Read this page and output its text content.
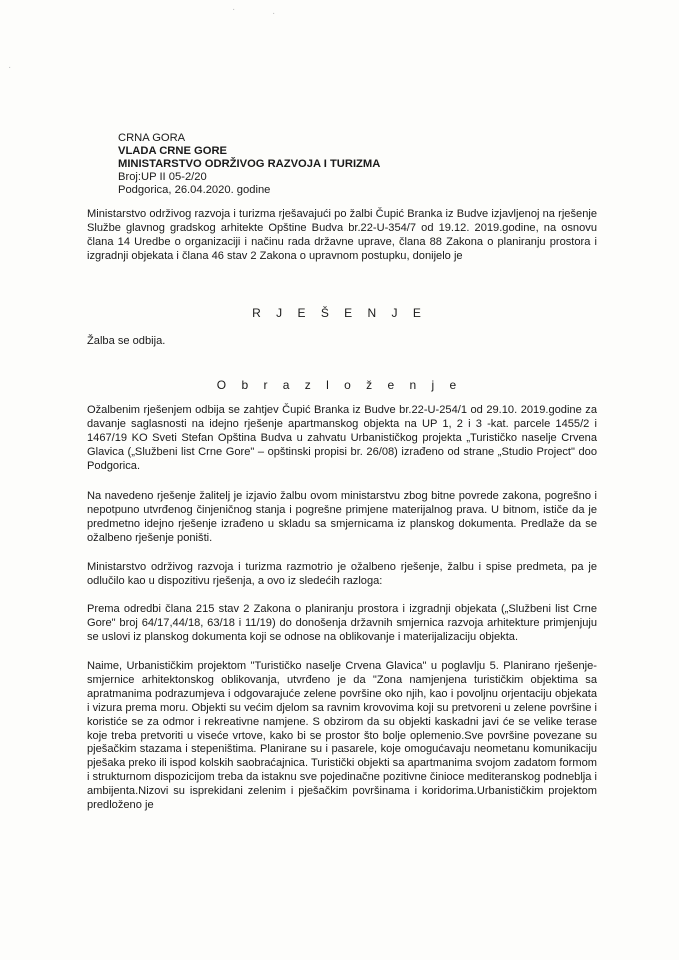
·	·
·
CRNA GORA
VLADA CRNE GORE
MINISTARSTVO ODRŽIVOG RAZVOJA I TURIZMA
Broj:UP II 05-2/20
Podgorica, 26.04.2020. godine
Ministarstvo održivog razvoja i turizma rješavajući po žalbi Čupić Branka iz Budve izjavljenoj na rješenje Službe glavnog gradskog arhitekte Opštine Budva br.22-U-354/7 od 19.12. 2019.godine, na osnovu člana 14 Uredbe o organizaciji i načinu rada državne uprave, člana 88 Zakona o planiranju prostora i izgradnji objekata i člana 46 stav 2 Zakona o upravnom postupku, donijelo je
R J E Š E N J E
Žalba se odbija.
O b r a z l o ž e n j e
Ožalbenim rješenjem odbija se zahtjev Čupić Branka iz Budve br.22-U-254/1 od 29.10. 2019.godine za davanje saglasnosti na idejno rješenje apartmanskog objekta na UP 1, 2 i 3 -kat. parcele 1455/2 i 1467/19 KO Sveti Stefan Opština Budva u zahvatu Urbanističkog projekta „Turističko naselje Crvena Glavica („Službeni list Crne Gore" – opštinski propisi br. 26/08) izrađeno od strane „Studio Project" doo Podgorica.
Na navedeno rješenje žalitelj je izjavio žalbu ovom ministarstvu zbog bitne povrede zakona, pogrešno i nepotpuno utvrđenog činjeničnog stanja i pogrešne primjene materijalnog prava. U bitnom, ističe da je predmetno idejno rješenje izrađeno u skladu sa smjernicama iz planskog dokumenta. Predlaže da se ožalbeno rješenje poništi.
Ministarstvo održivog razvoja i turizma razmotrio je ožalbeno rješenje, žalbu i spise predmeta, pa je odlučilo kao u dispozitivu rješenja, a ovo iz sledećih razloga:
Prema odredbi člana 215 stav 2 Zakona o planiranju prostora i izgradnji objekata („Službeni list Crne Gore" broj 64/17,44/18, 63/18 i 11/19) do donošenja državnih smjernica razvoja arhitekture primjenjuju se uslovi iz planskog dokumenta koji se odnose na oblikovanje i materijalizaciju objekta.
Naime, Urbanističkim projektom "Turističko naselje Crvena Glavica" u poglavlju 5. Planirano rješenje- smjernice arhitektonskog oblikovanja, utvrđeno je da "Zona namjenjena turističkim objektima sa apratmanima podrazumjeva i odgovarajuće zelene površine oko njih, kao i povoljnu orjentaciju objekata i vizura prema moru. Objekti su većim djelom sa ravnim krovovima koji su pretvoreni u zelene površine i koristiće se za odmor i rekreativne namjene. S obzirom da su objekti kaskadni javi će se velike terase koje treba pretvoriti u viseće vrtove, kako bi se prostor što bolje oplemenio.Sve površine povezane su pješačkim stazama i stepeništima. Planirane su i pasarele, koje omogućavaju neometanu komunikaciju pješaka preko ili ispod kolskih saobraćajnica. Turistički objekti sa apartmanima svojom zadatom formom i strukturnom dispozicijom treba da istaknu sve pojedinačne pozitivne činioce mediteranskog podneblja i ambijenta.Nizovi su isprekidani zelenim i pješačkim površinama i koridorima.Urbanističkim projektom predloženo je
